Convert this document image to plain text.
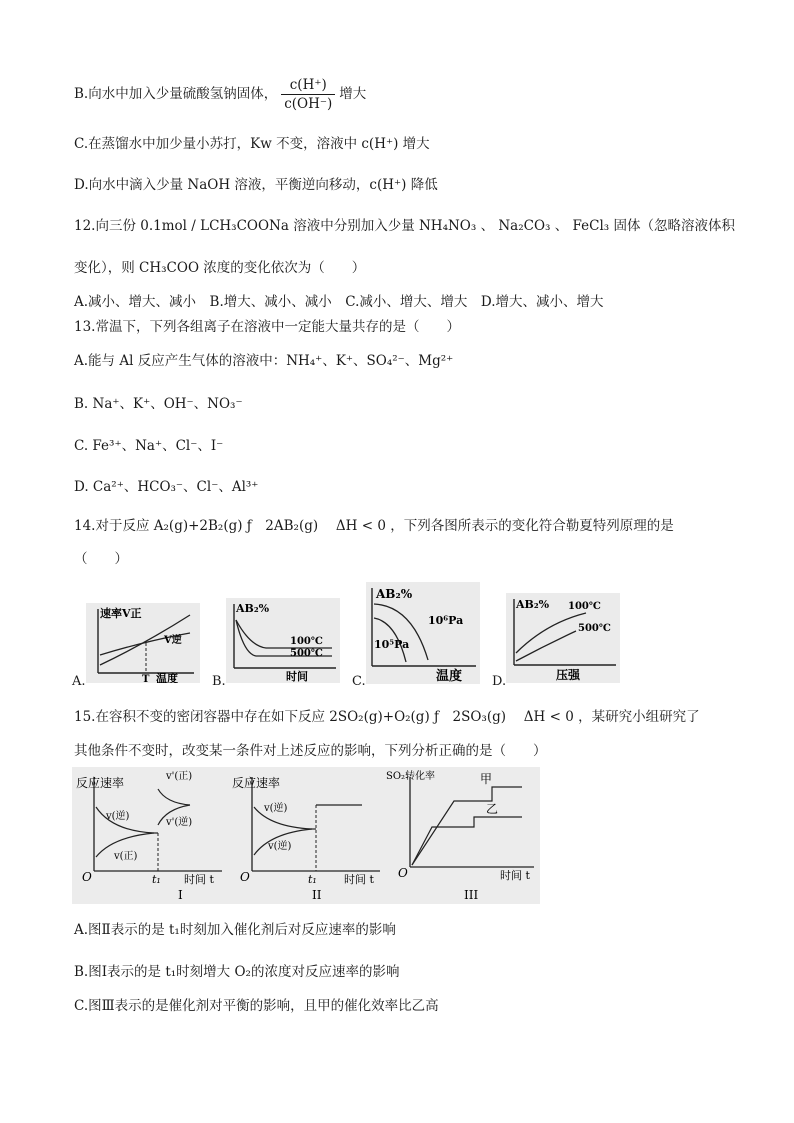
B.向水中加入少量硫酸氢钠固体， $\frac{c(H^+)}{c(OH^-)}$ 增大
C.在蒸馏水中加少量小苏打，Kw 不变，溶液中 c(H⁺) 增大
D.向水中滴入少量 NaOH 溶液，平衡逆向移动，c(H⁺) 降低
12.向三份 0.1mol / LCH₃COONa 溶液中分别加入少量 NH₄NO₃ 、 Na₂CO₃ 、 FeCl₃ 固体（忽略溶液体积
变化），则 CH₃COO 浓度的变化依次为（　　）
A.减小、增大、减小　B.增大、减小、减小　C.减小、增大、增大　D.增大、减小、增大
13.常温下，下列各组离子在溶液中一定能大量共存的是（　　）
A.能与 Al 反应产生气体的溶液中：NH₄⁺、K⁺、SO₄²⁻、Mg²⁺
B. Na⁺、K⁺、OH⁻、NO₃⁻
C. Fe³⁺、Na⁺、Cl⁻、I⁻
D. Ca²⁺、HCO₃⁻、Cl⁻、Al³⁺
14.对于反应 A₂(g)+2B₂(g) ƒ　2AB₂(g)　 ΔH < 0 ，下列各图所表示的变化符合勒夏特列原理的是
（　　）
A.
速率V正
V逆
T 温度	B.
AB₂%
100℃
500℃
时间	C.
AB₂%
10⁶Pa
10⁵Pa
温度 D.
AB₂% 100℃
500℃
压强
15.在容积不变的密闭容器中存在如下反应 2SO₂(g)+O₂(g) ƒ　2SO₃(g)　 ΔH < 0 ，某研究小组研究了
其他条件不变时，改变某一条件对上述反应的影响，下列分析正确的是（　　）
反应速率
v(逆)
v(正)
v'(正)
v'(逆)
O	t₁ 时间 t
I
反应速率
v(逆)
v(逆)
O	t₁ 时间 t
II
SO₂转化率	甲
乙
O	时间 t
III
A.图Ⅱ表示的是 t₁时刻加入催化剂后对反应速率的影响
B.图Ⅰ表示的是 t₁时刻增大 O₂的浓度对反应速率的影响
C.图Ⅲ表示的是催化剂对平衡的影响，且甲的催化效率比乙高
